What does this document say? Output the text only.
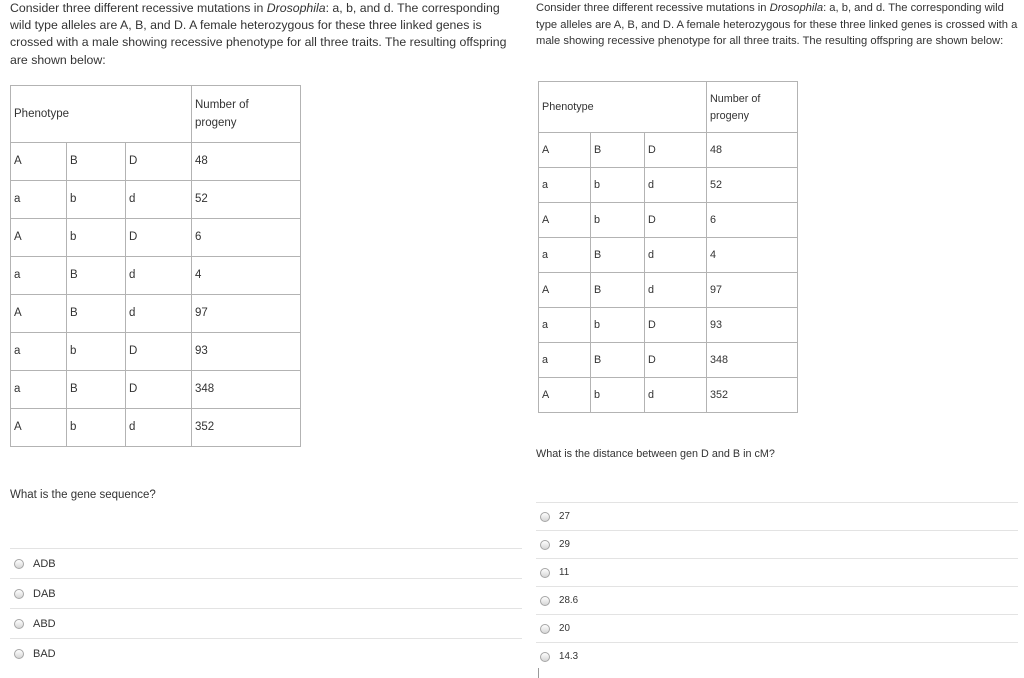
Consider three different recessive mutations in Drosophila: a, b, and d. The corresponding wild type alleles are A, B, and D. A female heterozygous for these three linked genes is crossed with a male showing recessive phenotype for all three traits. The resulting offspring are shown below:

Phenotype			Number of
progeny

A	B	D	48

a	b	d	52

A	b	D	6

a	B	d	4

A	B	d	97

a	b	D	93

a	B	D	348

A	b	d	352

What is the gene sequence?

ADB
DAB
ABD
BAD

Consider three different recessive mutations in Drosophila: a, b, and d. The corresponding wild type alleles are A, B, and D. A female heterozygous for these three linked genes is crossed with a male showing recessive phenotype for all three traits. The resulting offspring are shown below:

Phenotype			Number of
progeny

A	B	D	48

a	b	d	52

A	b	D	6

a	B	d	4

A	B	d	97

a	b	D	93

a	B	D	348

A	b	d	352

What is the distance between gen D and B in cM?

27
29
11
28.6
20
14.3
